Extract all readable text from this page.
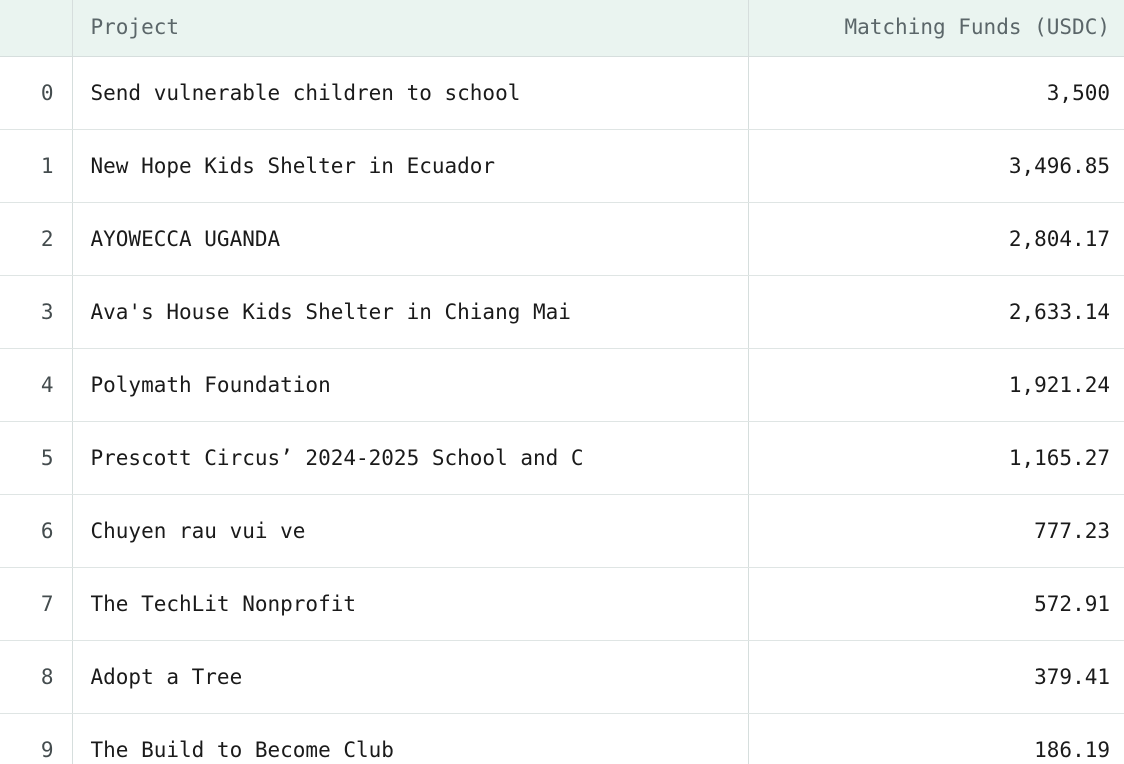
	Project	Matching Funds (USDC)
0	Send vulnerable children to school	3,500
1	New Hope Kids Shelter in Ecuador	3,496.85
2	AYOWECCA UGANDA	2,804.17
3	Ava's House Kids Shelter in Chiang Mai	2,633.14
4	Polymath Foundation	1,921.24
5	Prescott Circus’ 2024-2025 School and C	1,165.27
6	Chuyen rau vui ve	777.23
7	The TechLit Nonprofit	572.91
8	Adopt a Tree	379.41
9	The Build to Become Club	186.19
